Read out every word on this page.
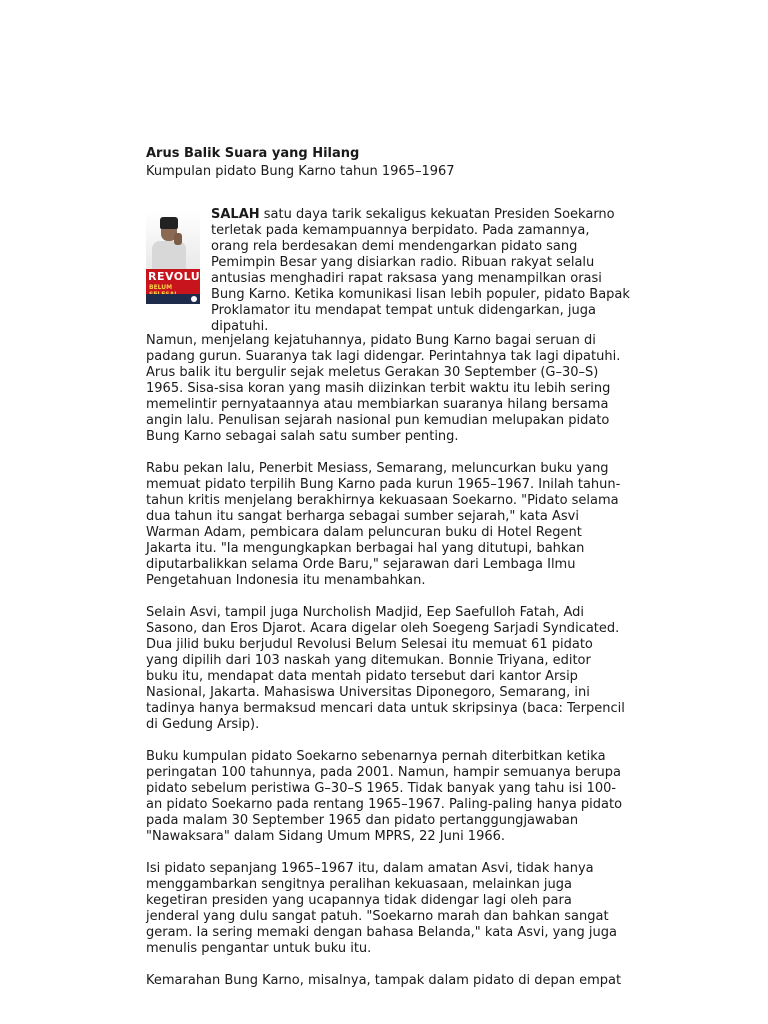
Arus Balik Suara yang Hilang
Kumpulan pidato Bung Karno tahun 1965–1967
REVOLUSI
BELUM

SALAH satu daya tarik sekaligus kekuatan Presiden Soekarno terletak pada kemampuannya berpidato. Pada zamannya, orang rela berdesakan demi mendengarkan pidato sang Pemimpin Besar yang disiarkan radio. Ribuan rakyat selalu antusias menghadiri rapat raksasa yang menampilkan orasi Bung Karno. Ketika komunikasi lisan lebih populer, pidato Bapak Proklamator itu mendapat tempat untuk didengarkan, juga dipatuhi.

Namun, menjelang kejatuhannya, pidato Bung Karno bagai seruan di padang gurun. Suaranya tak lagi didengar. Perintahnya tak lagi dipatuhi. Arus balik itu bergulir sejak meletus Gerakan 30 September (G–30–S) 1965. Sisa-sisa koran yang masih diizinkan terbit waktu itu lebih sering memelintir pernyataannya atau membiarkan suaranya hilang bersama angin lalu. Penulisan sejarah nasional pun kemudian melupakan pidato Bung Karno sebagai salah satu sumber penting.

Rabu pekan lalu, Penerbit Mesiass, Semarang, meluncurkan buku yang memuat pidato terpilih Bung Karno pada kurun 1965–1967. Inilah tahun-tahun kritis menjelang berakhirnya kekuasaan Soekarno. "Pidato selama dua tahun itu sangat berharga sebagai sumber sejarah," kata Asvi Warman Adam, pembicara dalam peluncuran buku di Hotel Regent Jakarta itu. "Ia mengungkapkan berbagai hal yang ditutupi, bahkan diputarbalikkan selama Orde Baru," sejarawan dari Lembaga Ilmu Pengetahuan Indonesia itu menambahkan.

Selain Asvi, tampil juga Nurcholish Madjid, Eep Saefulloh Fatah, Adi Sasono, dan Eros Djarot. Acara digelar oleh Soegeng Sarjadi Syndicated. Dua jilid buku berjudul Revolusi Belum Selesai itu memuat 61 pidato yang dipilih dari 103 naskah yang ditemukan. Bonnie Triyana, editor buku itu, mendapat data mentah pidato tersebut dari kantor Arsip Nasional, Jakarta. Mahasiswa Universitas Diponegoro, Semarang, ini tadinya hanya bermaksud mencari data untuk skripsinya (baca: Terpencil di Gedung Arsip).

Buku kumpulan pidato Soekarno sebenarnya pernah diterbitkan ketika peringatan 100 tahunnya, pada 2001. Namun, hampir semuanya berupa pidato sebelum peristiwa G–30–S 1965. Tidak banyak yang tahu isi 100-an pidato Soekarno pada rentang 1965–1967. Paling-paling hanya pidato pada malam 30 September 1965 dan pidato pertanggungjawaban "Nawaksara" dalam Sidang Umum MPRS, 22 Juni 1966.

Isi pidato sepanjang 1965–1967 itu, dalam amatan Asvi, tidak hanya menggambarkan sengitnya peralihan kekuasaan, melainkan juga kegetiran presiden yang ucapannya tidak didengar lagi oleh para jenderal yang dulu sangat patuh. "Soekarno marah dan bahkan sangat geram. Ia sering memaki dengan bahasa Belanda," kata Asvi, yang juga menulis pengantar untuk buku itu.

Kemarahan Bung Karno, misalnya, tampak dalam pidato di depan empat
